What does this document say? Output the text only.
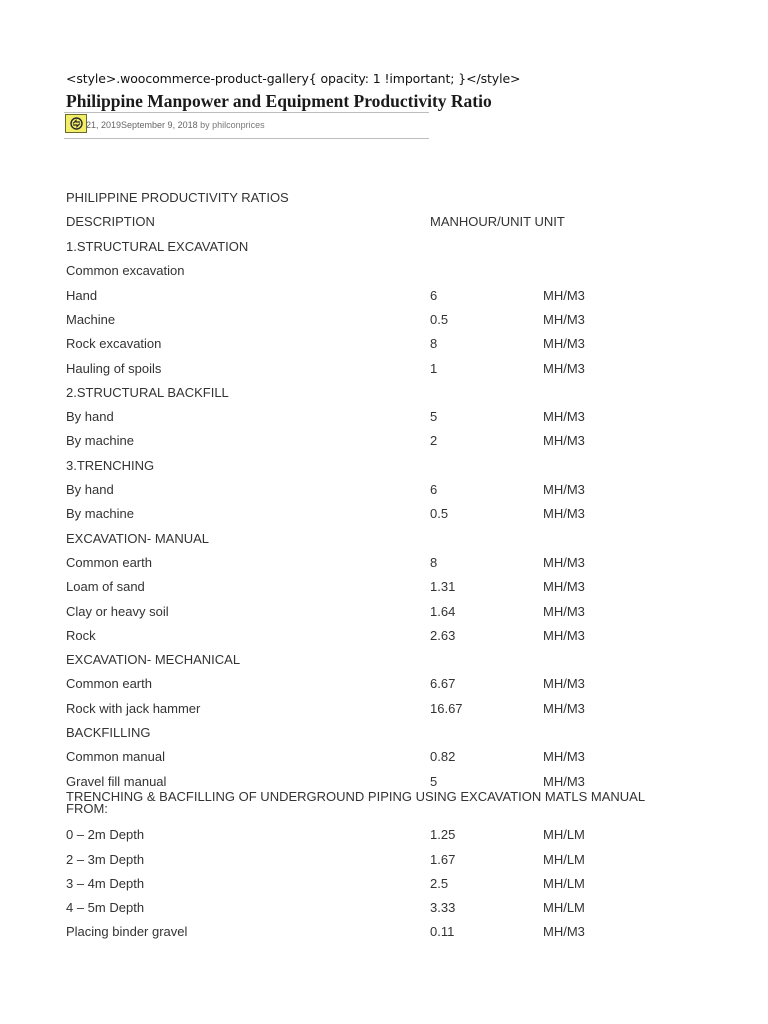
<style>.woocommerce-product-gallery{ opacity: 1 !important; }</style>
Philippine Manpower and Equipment Productivity Ratio
21, 2019September 9, 2018 by philconprices
PHILIPPINE PRODUCTIVITY RATIOS
DESCRIPTION	MANHOUR/UNIT UNIT
1.STRUCTURAL EXCAVATION
Common excavation
Hand	6	MH/M3
Machine	0.5	MH/M3
Rock excavation	8	MH/M3
Hauling of spoils	1	MH/M3
2.STRUCTURAL BACKFILL
By hand	5	MH/M3
By machine	2	MH/M3
3.TRENCHING
By hand	6	MH/M3
By machine	0.5	MH/M3
EXCAVATION- MANUAL
Common earth	8	MH/M3
Loam of sand	1.31	MH/M3
Clay or heavy soil	1.64	MH/M3
Rock	2.63	MH/M3
EXCAVATION- MECHANICAL
Common earth	6.67	MH/M3
Rock with jack hammer	16.67	MH/M3
BACKFILLING
Common manual	0.82	MH/M3
Gravel fill manual	5	MH/M3
TRENCHING & BACFILLING OF UNDERGROUND PIPING USING EXCAVATION MATLS MANUAL FROM:
0 – 2m Depth	1.25	MH/LM
2 – 3m Depth	1.67	MH/LM
3 – 4m Depth	2.5	MH/LM
4 – 5m Depth	3.33	MH/LM
Placing binder gravel	0.11	MH/M3
